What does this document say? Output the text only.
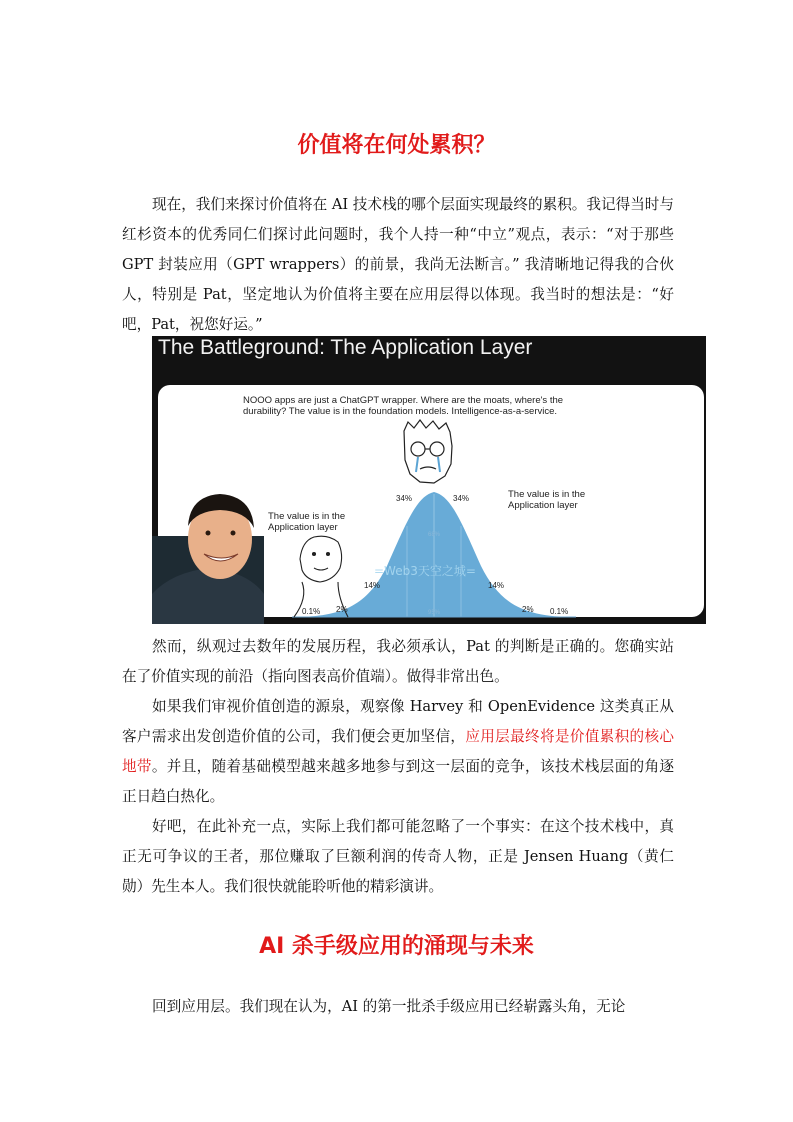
价值将在何处累积？

现在，我们来探讨价值将在 AI 技术栈的哪个层面实现最终的累积。我记得当时与红杉资本的优秀同仁们探讨此问题时，我个人持一种“中立”观点，表示：“对于那些 GPT 封装应用（GPT wrappers）的前景，我尚无法断言。” 我清晰地记得我的合伙人，特别是 Pat，坚定地认为价值将主要在应用层得以体现。我当时的想法是：“好吧，Pat，祝您好运。”

The Battleground: The Application Layer
68%
95%
34%	34%
14%	14%
2%	2%
0.1%	0.1%
NOOO apps are just a ChatGPT wrapper. Where are the moats, where's the
durability? The value is in the foundation models. Intelligence-as-a-service.
The value is in the
Application layer
The value is in the
Application layer
=Web3天空之城=

然而，纵观过去数年的发展历程，我必须承认，Pat 的判断是正确的。您确实站在了价值实现的前沿（指向图表高价值端）。做得非常出色。

如果我们审视价值创造的源泉，观察像 Harvey 和 OpenEvidence 这类真正从客户需求出发创造价值的公司，我们便会更加坚信，应用层最终将是价值累积的核心地带。并且，随着基础模型越来越多地参与到这一层面的竞争，该技术栈层面的角逐正日趋白热化。

好吧，在此补充一点，实际上我们都可能忽略了一个事实：在这个技术栈中，真正无可争议的王者，那位赚取了巨额利润的传奇人物，正是 Jensen Huang（黄仁勋）先生本人。我们很快就能聆听他的精彩演讲。

AI 杀手级应用的涌现与未来

回到应用层。我们现在认为，AI 的第一批杀手级应用已经崭露头角，无论
